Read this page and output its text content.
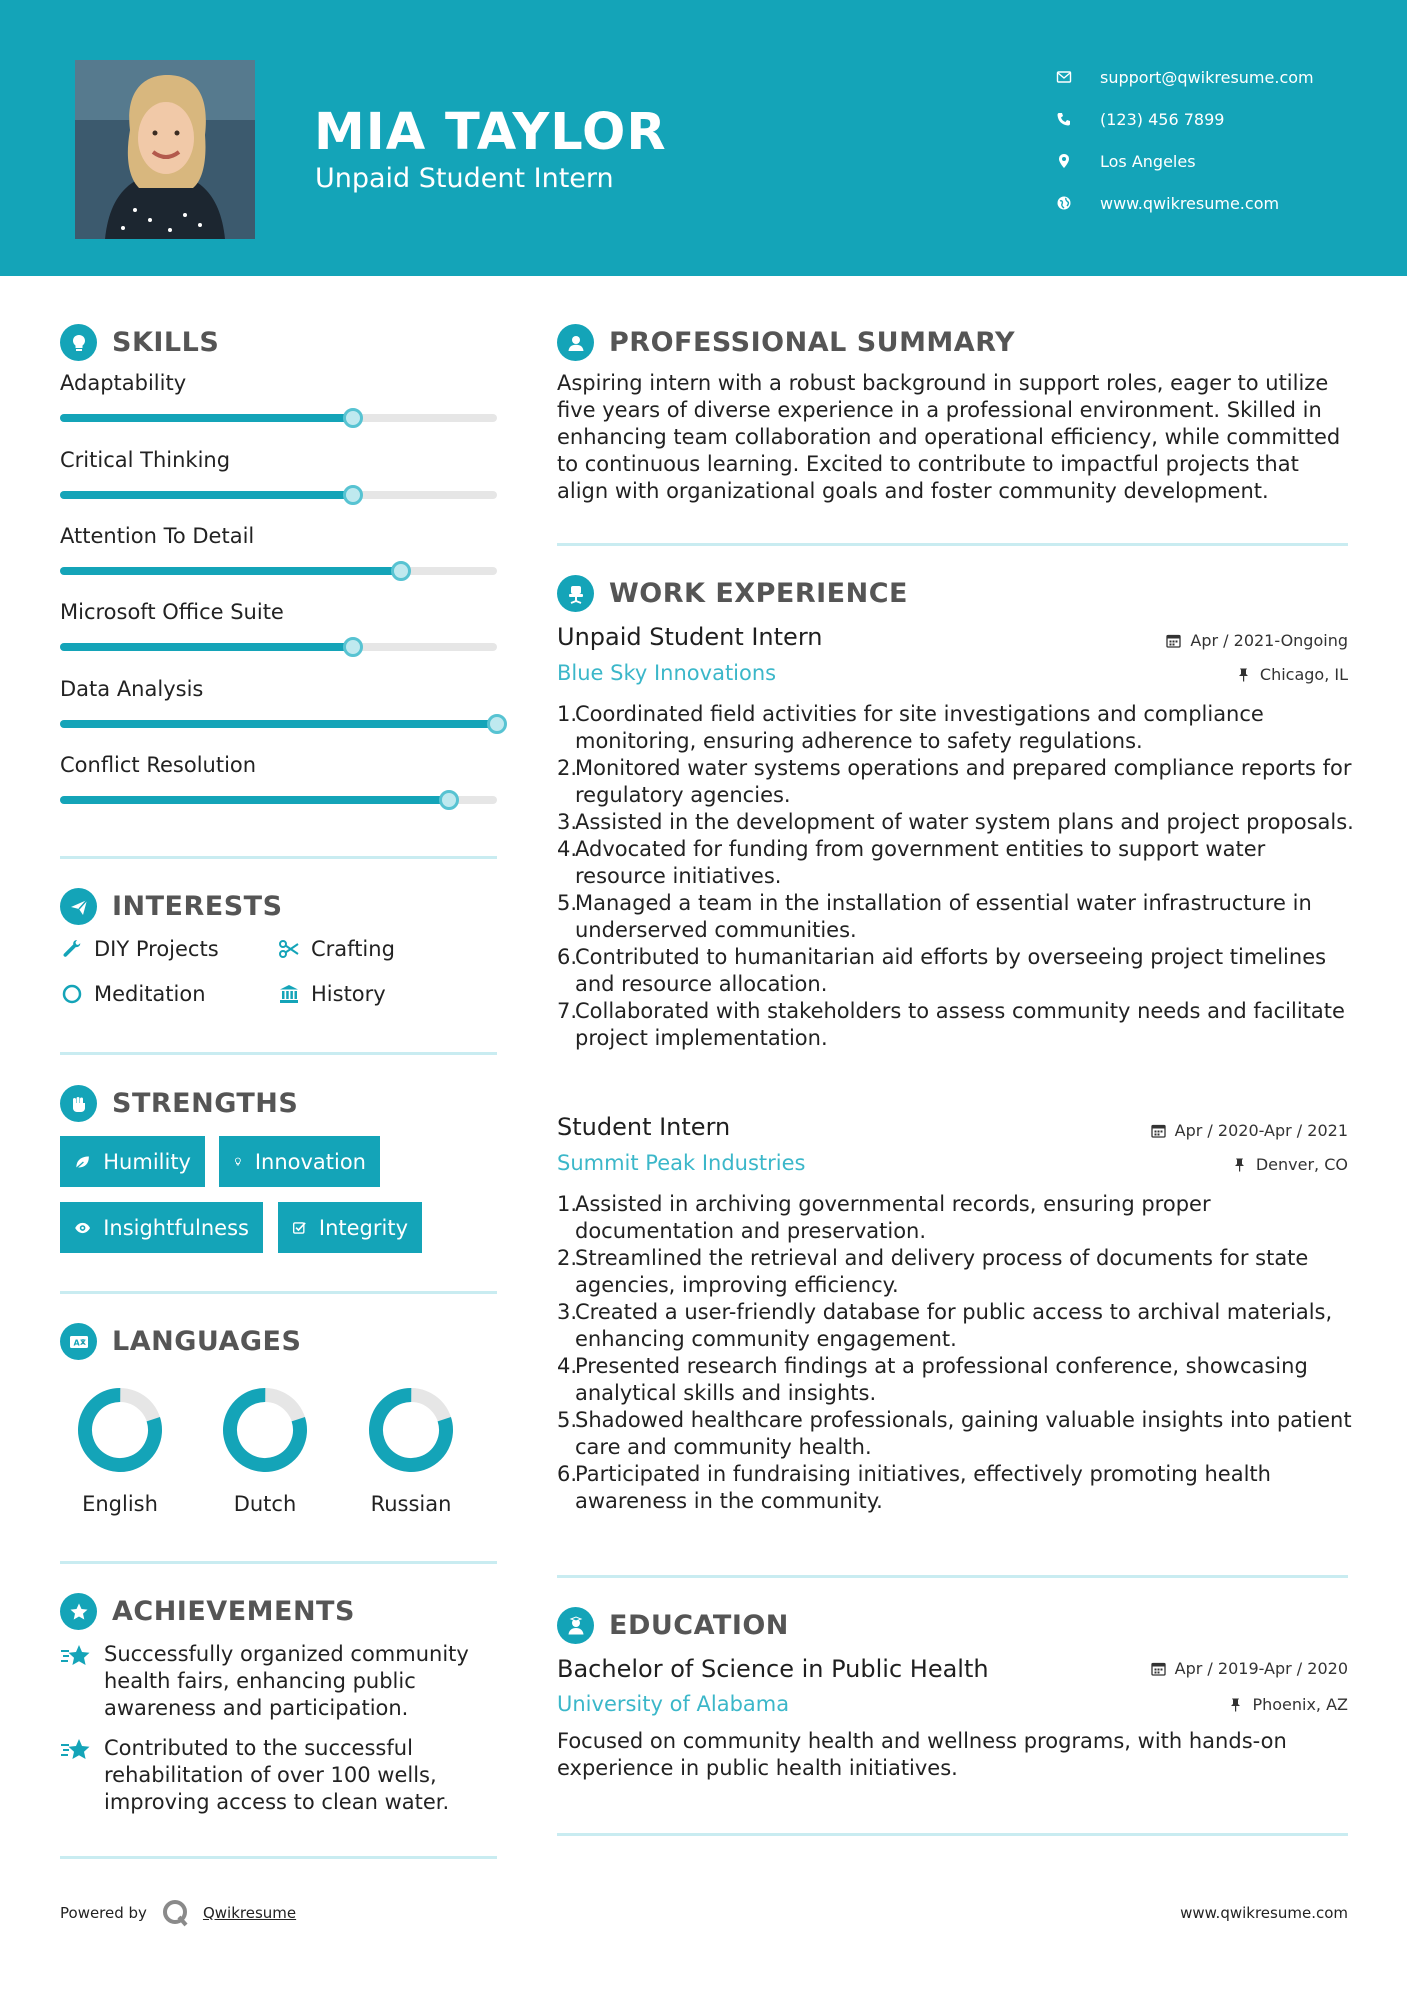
MIA TAYLOR
Unpaid Student Intern
support@qwikresume.com
(123) 456 7899
Los Angeles
www.qwikresume.com
SKILLS
Adaptability
Critical Thinking
Attention To Detail
Microsoft Office Suite
Data Analysis
Conflict Resolution
INTERESTS
DIY Projects	Crafting
Meditation	History
STRENGTHS
Humility	Innovation
Insightfulness	Integrity
A LANGUAGES
English	Dutch	Russian
ACHIEVEMENTS
Successfully organized community health fairs, enhancing public awareness and participation.
Contributed to the successful rehabilitation of over 100 wells, improving access to clean water.
PROFESSIONAL SUMMARY
Aspiring intern with a robust background in support roles, eager to utilize five years of diverse experience in a professional environment. Skilled in enhancing team collaboration and operational efficiency, while committed to continuous learning. Excited to contribute to impactful projects that align with organizational goals and foster community development.
WORK EXPERIENCE
Unpaid Student Intern	Apr / 2021-Ongoing
Blue Sky Innovations	Chicago, IL
1.
Coordinated field activities for site investigations and compliance monitoring, ensuring adherence to safety regulations.
2.
Monitored water systems operations and prepared compliance reports for regulatory agencies.
3.
Assisted in the development of water system plans and project proposals.
4.
Advocated for funding from government entities to support water resource initiatives.
5.
Managed a team in the installation of essential water infrastructure in underserved communities.
6.
Contributed to humanitarian aid efforts by overseeing project timelines and resource allocation.
7.
Collaborated with stakeholders to assess community needs and facilitate project implementation.
Student Intern	Apr / 2020-Apr / 2021
Summit Peak Industries	Denver, CO
1.
Assisted in archiving governmental records, ensuring proper documentation and preservation.
2.
Streamlined the retrieval and delivery process of documents for state agencies, improving efficiency.
3.
Created a user-friendly database for public access to archival materials, enhancing community engagement.
4.
Presented research findings at a professional conference, showcasing analytical skills and insights.
5.
Shadowed healthcare professionals, gaining valuable insights into patient care and community health.
6.
Participated in fundraising initiatives, effectively promoting health awareness in the community.
EDUCATION
Bachelor of Science in Public Health	Apr / 2019-Apr / 2020
University of Alabama	Phoenix, AZ
Focused on community health and wellness programs, with hands-on experience in public health initiatives.
Powered by	Qwikresume	www.qwikresume.com
